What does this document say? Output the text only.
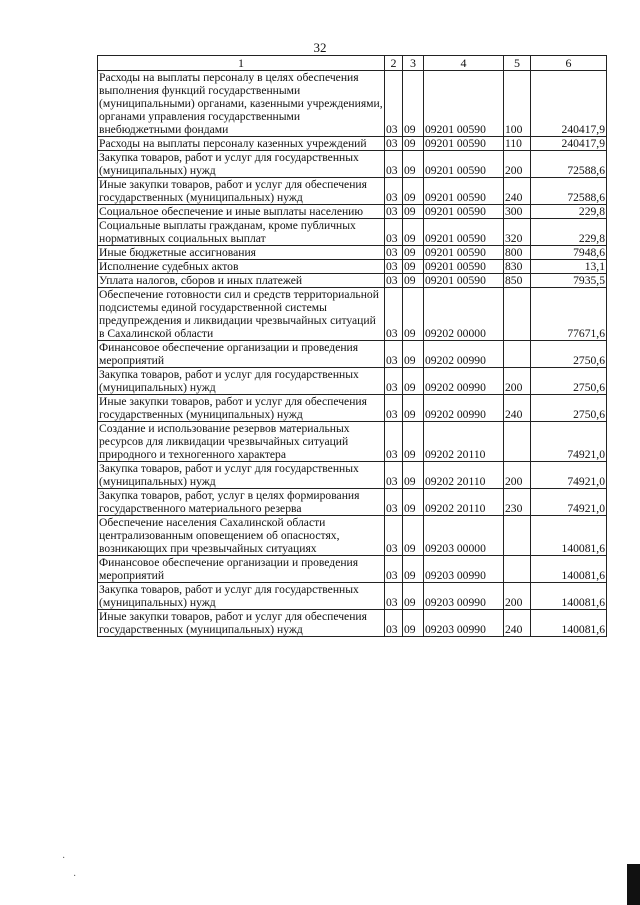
32
1	2	3	4	5	6
Расходы на выплаты персоналу в целях обеспечения выполнения функций государственными (муниципальными) органами, казенными учреждениями, органами управления государственными внебюджетными фондами	03	09	09201 00590	100	240417,9
Расходы на выплаты персоналу казенных учреждений	03	09	09201 00590	110	240417,9
Закупка товаров, работ и услуг для государственных (муниципальных) нужд	03	09	09201 00590	200	72588,6
Иные закупки товаров, работ и услуг для обеспечения государственных (муниципальных) нужд	03	09	09201 00590	240	72588,6
Социальное обеспечение и иные выплаты населению	03	09	09201 00590	300	229,8
Социальные выплаты гражданам, кроме публичных нормативных социальных выплат	03	09	09201 00590	320	229,8
Иные бюджетные ассигнования	03	09	09201 00590	800	7948,6
Исполнение судебных актов	03	09	09201 00590	830	13,1
Уплата налогов, сборов и иных платежей	03	09	09201 00590	850	7935,5
Обеспечение готовности сил и средств территориальной подсистемы единой государственной системы предупреждения и ликвидации чрезвычайных ситуаций в Сахалинской области	03	09	09202 00000		77671,6
Финансовое обеспечение организации и проведения мероприятий	03	09	09202 00990		2750,6
Закупка товаров, работ и услуг для государственных (муниципальных) нужд	03	09	09202 00990	200	2750,6
Иные закупки товаров, работ и услуг для обеспечения государственных (муниципальных) нужд	03	09	09202 00990	240	2750,6
Создание и использование резервов материальных ресурсов для ликвидации чрезвычайных ситуаций природного и техногенного характера	03	09	09202 20110		74921,0
Закупка товаров, работ и услуг для государственных (муниципальных) нужд	03	09	09202 20110	200	74921,0
Закупка товаров, работ, услуг в целях формирования государственного материального резерва	03	09	09202 20110	230	74921,0
Обеспечение населения Сахалинской области централизованным оповещением об опасностях, возникающих при чрезвычайных ситуациях	03	09	09203 00000		140081,6
Финансовое обеспечение организации и проведения мероприятий	03	09	09203 00990		140081,6
Закупка товаров, работ и услуг для государственных (муниципальных) нужд	03	09	09203 00990	200	140081,6
Иные закупки товаров, работ и услуг для обеспечения государственных (муниципальных) нужд	03	09	09203 00990	240	140081,6
·
·
